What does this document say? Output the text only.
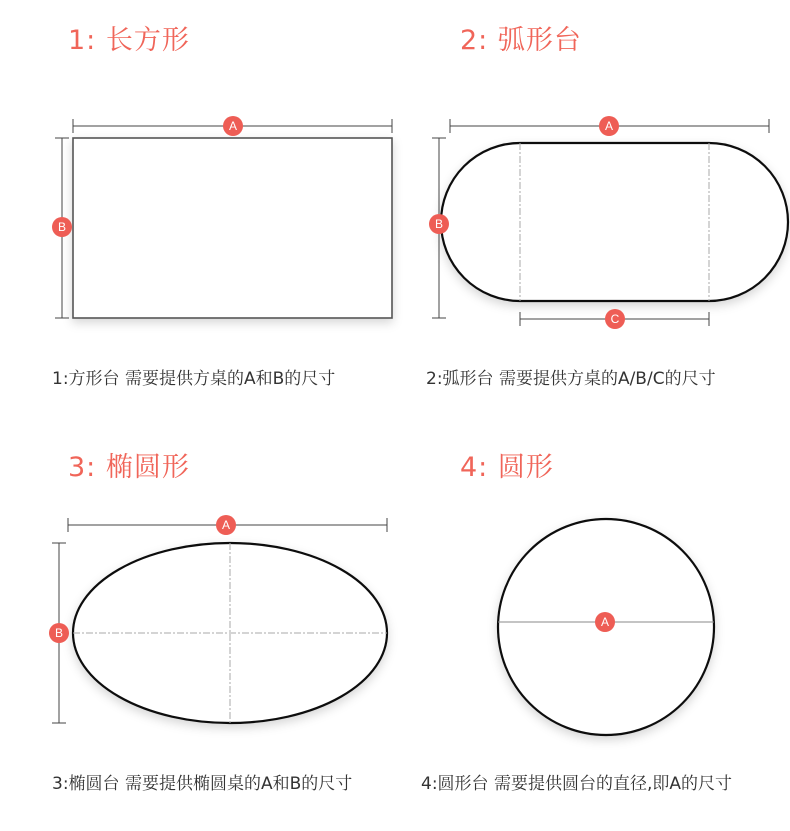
A
B
A
B
C
A
B
A
1: 长方形	2: 弧形台
3: 椭圆形	4: 圆形
1:方形台 需要提供方桌的A和B的尺寸	2:弧形台 需要提供方桌的A/B/C的尺寸
3:椭圆台 需要提供椭圆桌的A和B的尺寸	4:圆形台 需要提供圆台的直径,即A的尺寸
